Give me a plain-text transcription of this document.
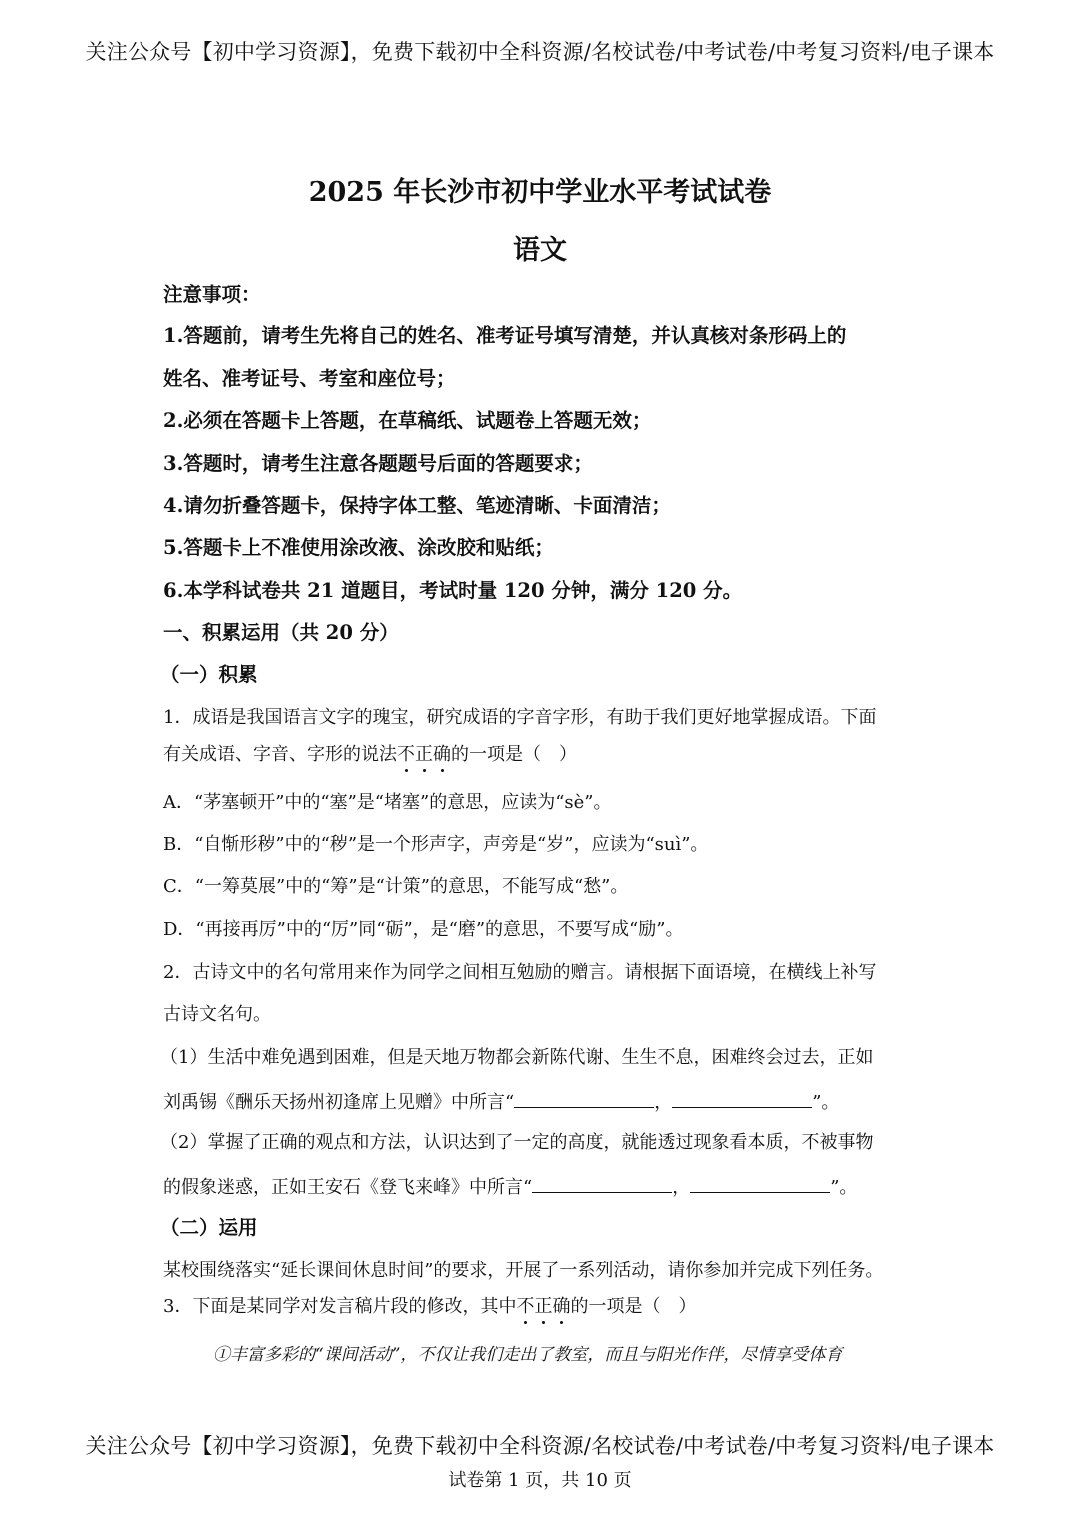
关注公众号【初中学习资源】，免费下载初中全科资源/名校试卷/中考试卷/中考复习资料/电子课本
2025 年长沙市初中学业水平考试试卷
语文
注意事项：
1.答题前，请考生先将自己的姓名、准考证号填写清楚，并认真核对条形码上的
姓名、准考证号、考室和座位号；
2.必须在答题卡上答题，在草稿纸、试题卷上答题无效；
3.答题时，请考生注意各题题号后面的答题要求；
4.请勿折叠答题卡，保持字体工整、笔迹清晰、卡面清洁；
5.答题卡上不准使用涂改液、涂改胶和贴纸；
6.本学科试卷共 21 道题目，考试时量 120 分钟，满分 120 分。
一、积累运用（共 20 分）
（一）积累
1．成语是我国语言文字的瑰宝，研究成语的字音字形，有助于我们更好地掌握成语。下面
有关成语、字音、字形的说法不正确的一项是（　）
A．“茅塞顿开”中的“塞”是“堵塞”的意思，应读为“sè”。
B．“自惭形秽”中的“秽”是一个形声字，声旁是“岁”，应读为“suì”。
C．“一筹莫展”中的“筹”是“计策”的意思，不能写成“愁”。
D．“再接再厉”中的“厉”同“砺”，是“磨”的意思，不要写成“励”。
2．古诗文中的名句常用来作为同学之间相互勉励的赠言。请根据下面语境，在横线上补写
古诗文名句。
（1）生活中难免遇到困难，但是天地万物都会新陈代谢、生生不息，困难终会过去，正如
刘禹锡《酬乐天扬州初逢席上见赠》中所言“	，	”。
（2）掌握了正确的观点和方法，认识达到了一定的高度，就能透过现象看本质，不被事物
的假象迷惑，正如王安石《登飞来峰》中所言“	，	”。
（二）运用
某校围绕落实“延长课间休息时间”的要求，开展了一系列活动，请你参加并完成下列任务。
3．下面是某同学对发言稿片段的修改，其中不正确的一项是（　）
①丰富多彩的“课间活动”，不仅让我们走出了教室，而且与阳光作伴，尽情享受体育
关注公众号【初中学习资源】，免费下载初中全科资源/名校试卷/中考试卷/中考复习资料/电子课本
试卷第 1 页，共 10 页
